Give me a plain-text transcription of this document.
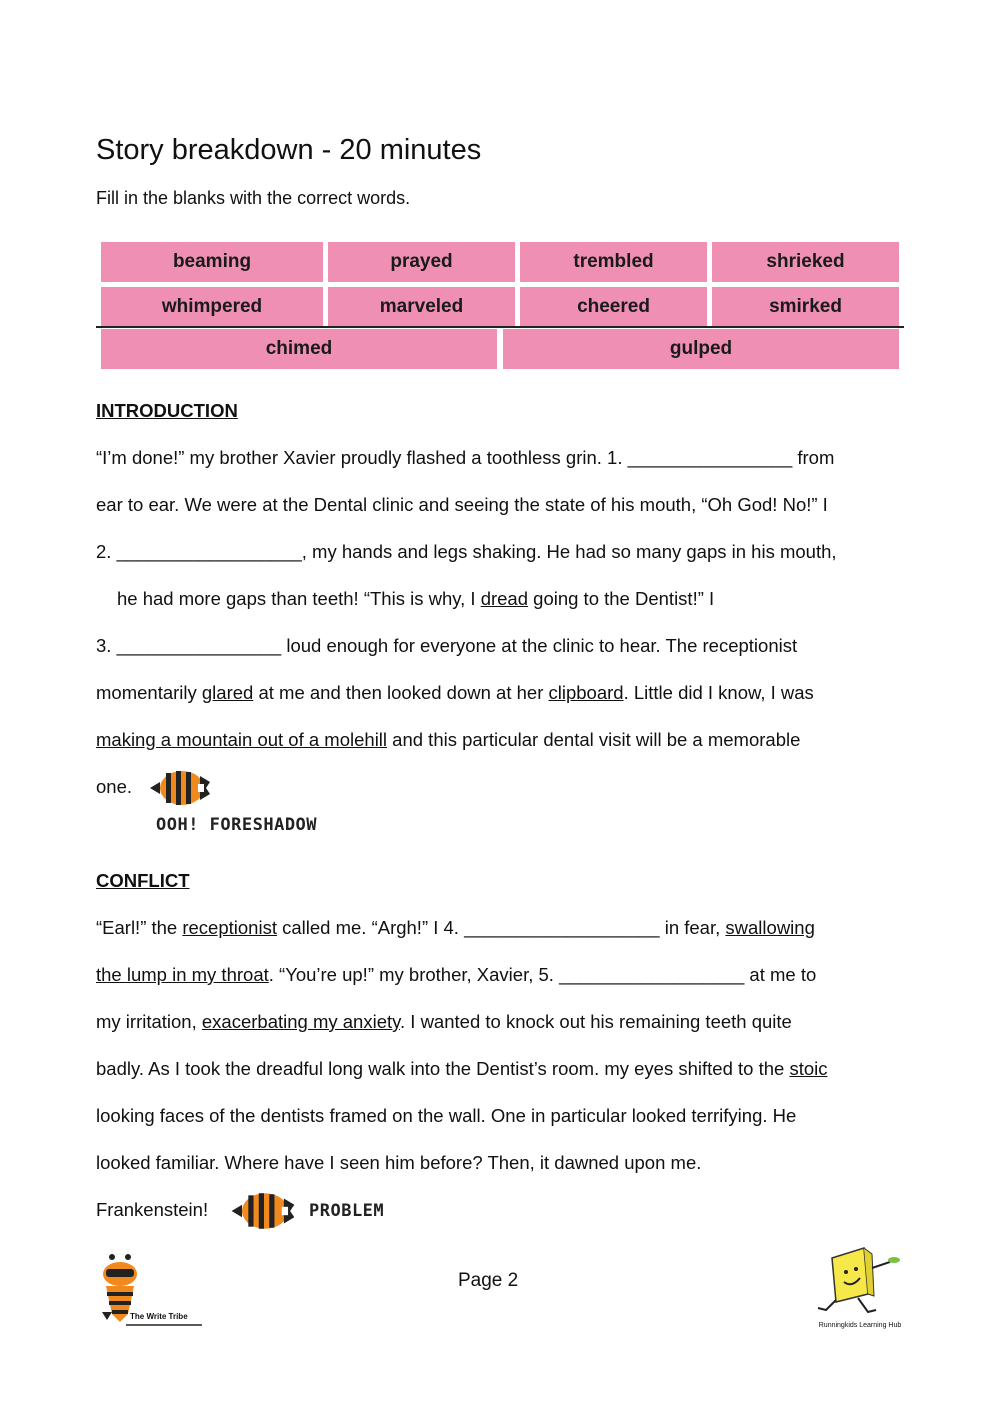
Story breakdown - 20 minutes

Fill in the blanks with the correct words.

beaming	prayed	trembled	shrieked
whimpered	marveled	cheered	smirked
chimed	gulped

INTRODUCTION

“I’m done!” my brother Xavier proudly flashed a toothless grin. 1. ________________ from

ear to ear. We were at the Dental clinic and seeing the state of his mouth, “Oh God! No!” I

2. __________________, my hands and legs shaking. He had so many gaps in his mouth,

he had more gaps than teeth! “This is why, I dread going to the Dentist!” I

3. ________________ loud enough for everyone at the clinic to hear. The receptionist

momentarily glared at me and then looked down at her clipboard. Little did I know, I was

making a mountain out of a molehill and this particular dental visit will be a memorable

one.

OOH! FORESHADOW

CONFLICT

“Earl!” the receptionist called me. “Argh!” I 4. ___________________ in fear, swallowing

the lump in my throat. “You’re up!” my brother, Xavier, 5. __________________ at me to

my irritation, exacerbating my anxiety. I wanted to knock out his remaining teeth quite

badly. As I took the dreadful long walk into the Dentist’s room. my eyes shifted to the stoic

looking faces of the dentists framed on the wall. One in particular looked terrifying. He

looked familiar. Where have I seen him before? Then, it dawned upon me.

Frankenstein!	PROBLEM
The Write Tribe
Page 2
Runningkids Learning Hub
